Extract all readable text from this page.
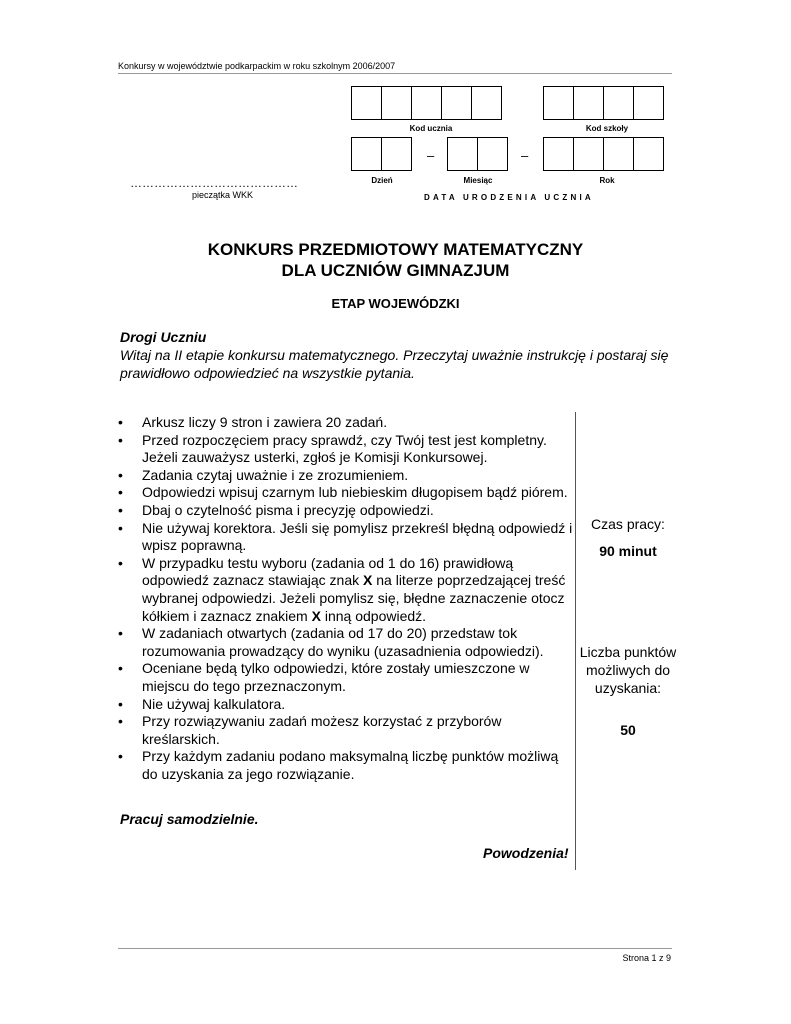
Konkursy w województwie podkarpackim w roku szkolnym 2006/2007
Kod ucznia	Kod szkoły
–	–
Dzień	Miesiąc	Rok
DATA URODZENIA UCZNIA
……………………………………
pieczątka WKK
KONKURS PRZEDMIOTOWY MATEMATYCZNY
DLA UCZNIÓW GIMNAZJUM
ETAP WOJEWÓDZKI
Drogi Uczniu
Witaj na II etapie konkursu matematycznego. Przeczytaj uważnie instrukcję i postaraj się prawidłowo odpowiedzieć na wszystkie pytania.
• Arkusz liczy 9 stron i zawiera 20 zadań.
• Przed rozpoczęciem pracy sprawdź, czy Twój test jest kompletny. Jeżeli zauważysz usterki, zgłoś je Komisji Konkursowej.
• Zadania czytaj uważnie i ze zrozumieniem.
• Odpowiedzi wpisuj czarnym lub niebieskim długopisem bądź piórem.
• Dbaj o czytelność pisma i precyzję odpowiedzi.
• Nie używaj korektora. Jeśli się pomylisz przekreśl błędną odpowiedź i wpisz poprawną.
• W przypadku testu wyboru (zadania od 1 do 16) prawidłową odpowiedź zaznacz stawiając znak X na literze poprzedzającej treść wybranej odpowiedzi. Jeżeli pomylisz się, błędne zaznaczenie otocz kółkiem i zaznacz znakiem X inną odpowiedź.
• W zadaniach otwartych (zadania od 17 do 20) przedstaw tok rozumowania prowadzący do wyniku (uzasadnienia odpowiedzi).
• Oceniane będą tylko odpowiedzi, które zostały umieszczone w miejscu do tego przeznaczonym.
• Nie używaj kalkulatora.
• Przy rozwiązywaniu zadań możesz korzystać z przyborów kreślarskich.
• Przy każdym zadaniu podano maksymalną liczbę punktów możliwą do uzyskania za jego rozwiązanie.
Pracuj samodzielnie.
Powodzenia!
Czas pracy:
90 minut
Liczba punktów możliwych do uzyskania:
50
Strona 1 z 9
